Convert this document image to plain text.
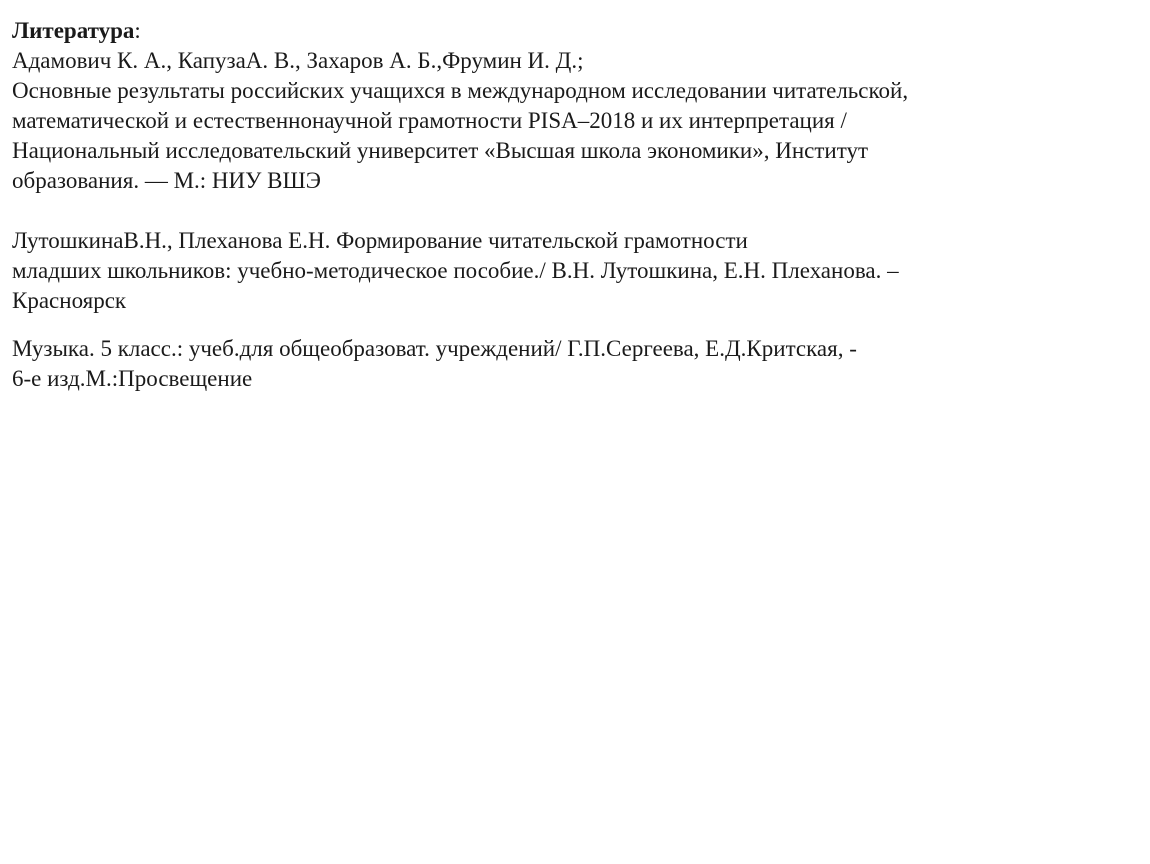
Литература:
Адамович К. А., КапузаА. В., Захаров А. Б.,Фрумин И. Д.;
Основные результаты российских учащихся в международном исследовании читательской,
математической и естественнонаучной грамотности PISA–2018 и их интерпретация /
Национальный исследовательский университет «Высшая школа экономики», Институт
образования. — М.: НИУ ВШЭ
ЛутошкинаВ.Н., Плеханова Е.Н. Формирование читательской грамотности
младших школьников: учебно-методическое пособие./ В.Н. Лутошкина, Е.Н. Плеханова. –
Красноярск
Музыка. 5 класс.: учеб.для общеобразоват. учреждений/ Г.П.Сергеева, Е.Д.Критская, -
6-е изд.М.:Просвещение
